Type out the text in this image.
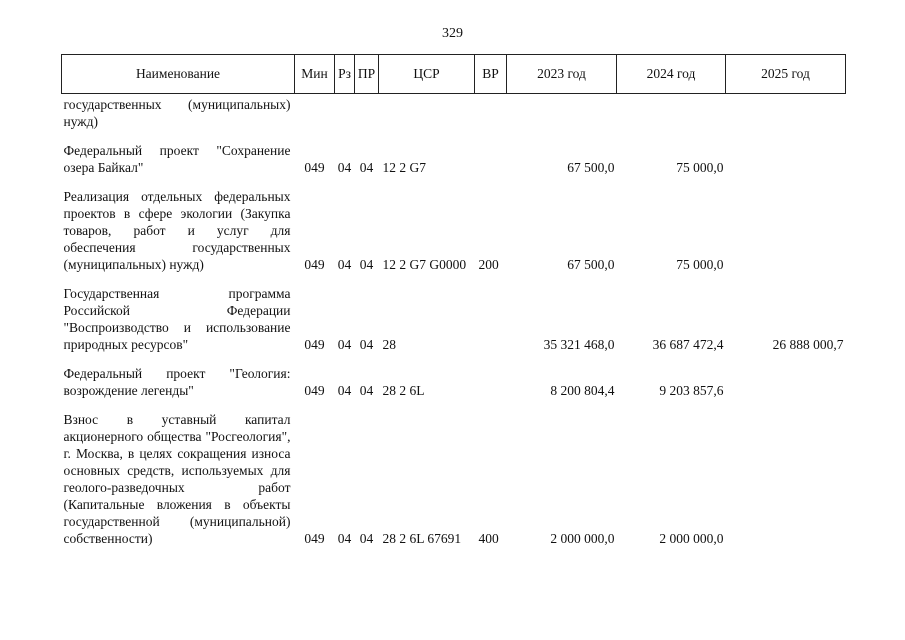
329
Наименование	Мин	Рз	ПР	ЦСР	ВР	2023 год	2024 год	2025 год
государственных (муниципальных) нужд)								
Федеральный проект "Сохранение озера Байкал"	049	04	04	12 2 G7		67 500,0	75 000,0	
Реализация отдельных федеральных проектов в сфере экологии (Закупка товаров, работ и услуг для обеспечения государственных (муниципальных) нужд)	049	04	04	12 2 G7 G0000	200	67 500,0	75 000,0	
Государственная программа Российской Федерации "Воспроизводство и использование природных ресурсов"	049	04	04	28		35 321 468,0	36 687 472,4	26 888 000,7
Федеральный проект "Геология: возрождение легенды"	049	04	04	28 2 6L		8 200 804,4	9 203 857,6	
Взнос в уставный капитал акционерного общества "Росгеология", г. Москва, в целях сокращения износа основных средств, используемых для геолого-разведочных работ (Капитальные вложения в объекты государственной (муниципальной) собственности)	049	04	04	28 2 6L 67691	400	2 000 000,0	2 000 000,0	
